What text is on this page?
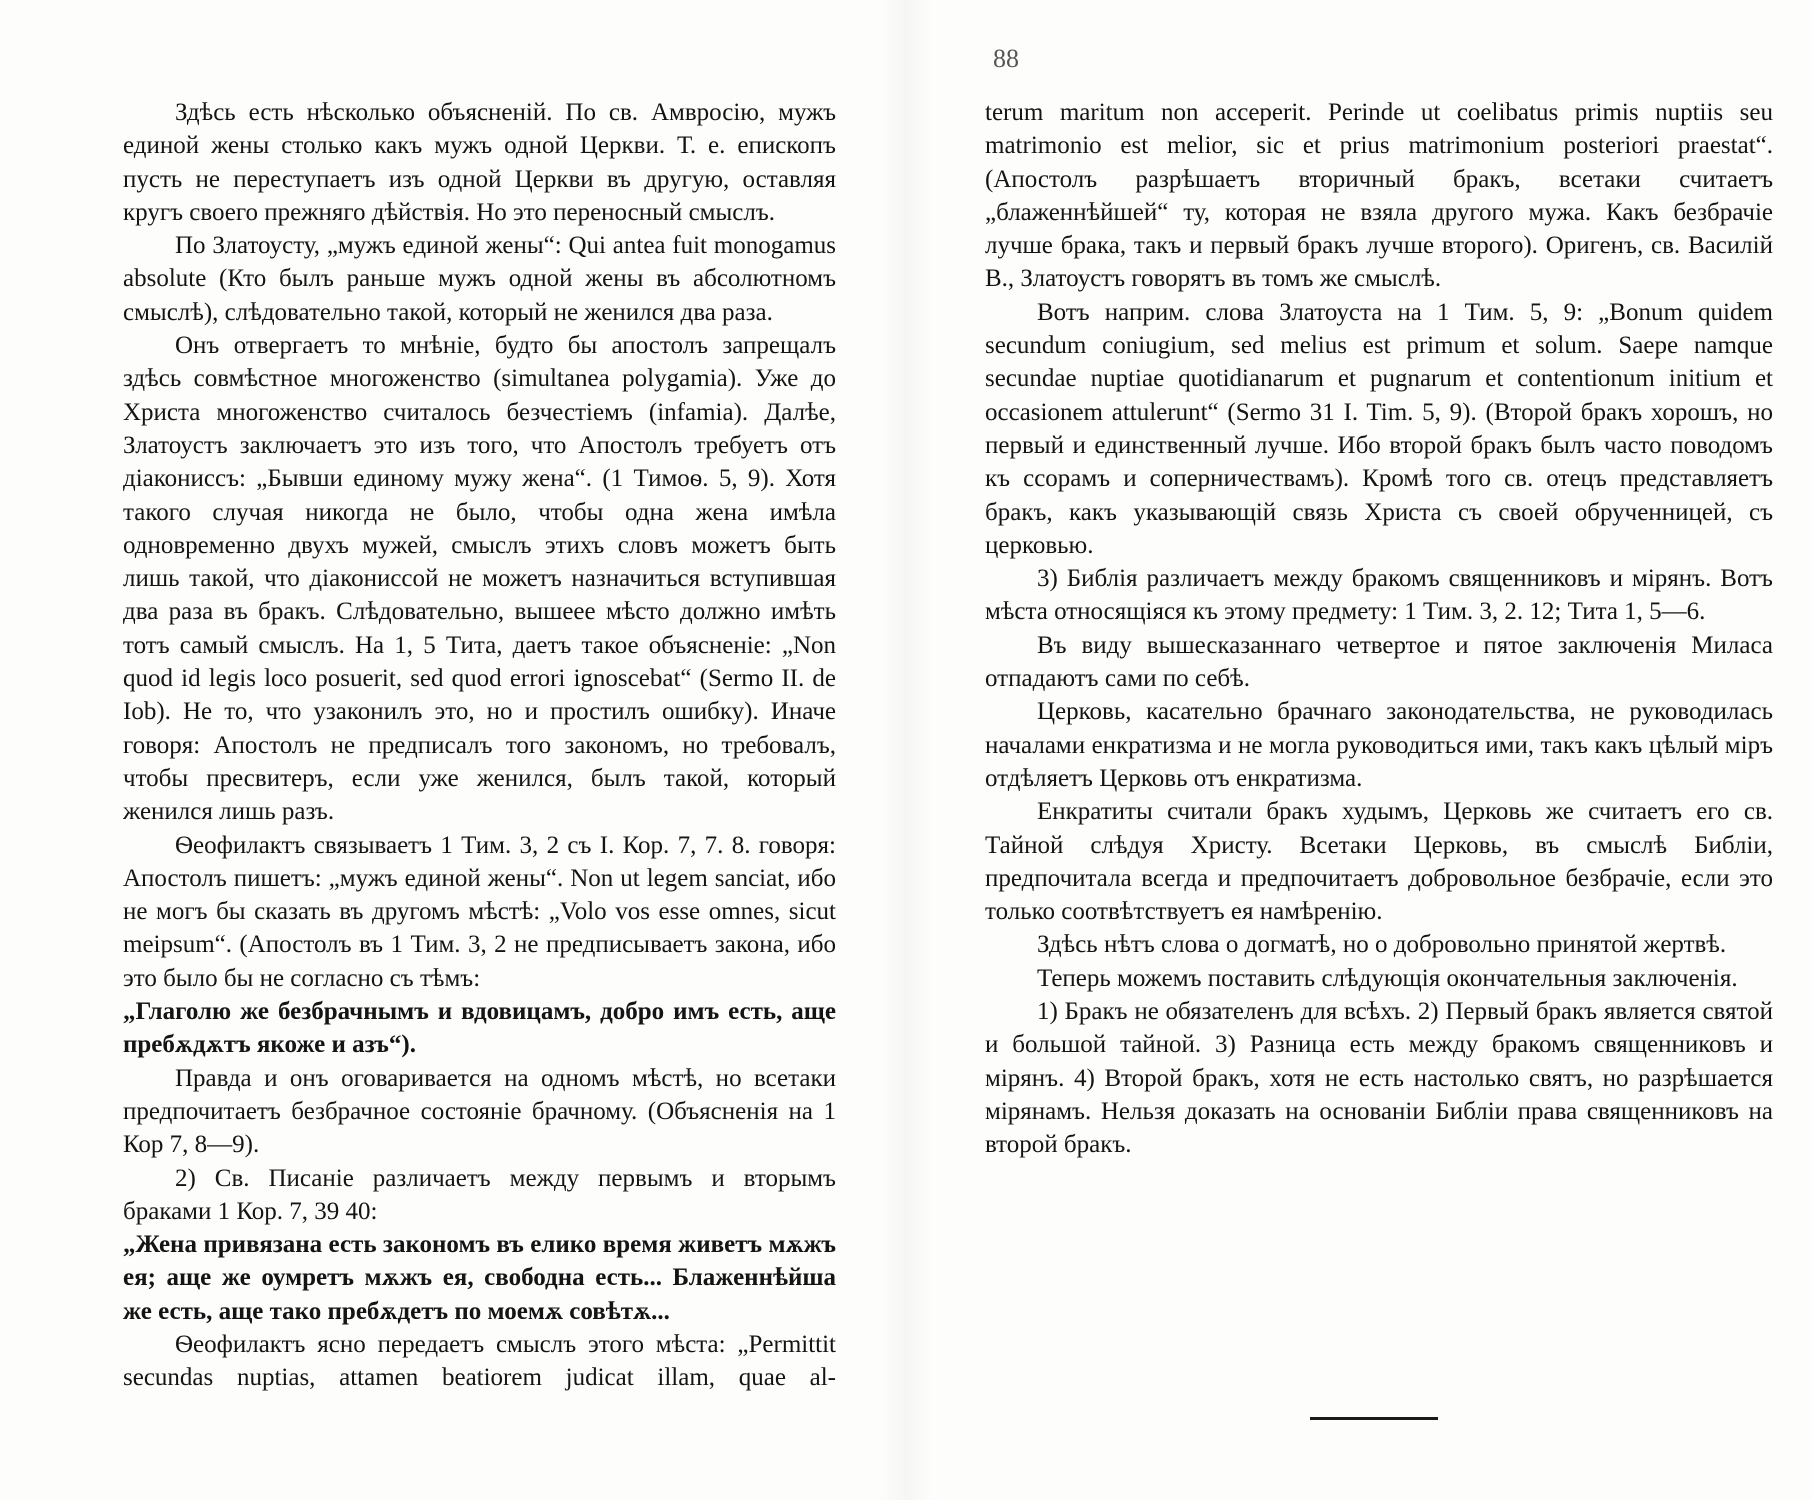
88

Здѣсь есть нѣсколько объясненій. По св. Амвросію, мужъ единой жены столько какъ мужъ одной Церкви. Т. е. епископъ пусть не переступаетъ изъ одной Церкви въ другую, оставляя кругъ своего прежняго дѣйствія. Но это переносный смыслъ.

По Златоусту, „мужъ единой жены“: Qui antea fuit monogamus absolute (Кто былъ раньше мужъ одной жены въ абсолютномъ смыслѣ), слѣдовательно такой, который не женился два раза.

Онъ отвергаетъ то мнѣніе, будто бы апостолъ запрещалъ здѣсь совмѣстное многоженство (simultanea polygamia). Уже до Христа многоженство считалось безчестіемъ (infamia). Далѣе, Златоустъ заключаетъ это изъ того, что Апостолъ требуетъ отъ діаконисcъ: „Бывши единому мужу жена“. (1 Тимоѳ. 5, 9). Хотя такого случая никогда не было, чтобы одна жена имѣла одновременно двухъ мужей, смыслъ этихъ словъ можетъ быть лишь такой, что діакониссой не можетъ назначиться вступившая два раза въ бракъ. Слѣдовательно, вышеее мѣсто должно имѣть тотъ самый смыслъ. На 1, 5 Тита, даетъ такое объясненіе: „Non quod id legis loco posuerit, sed quod errori ignoscebat“ (Sermo II. de Iob). Не то, что узаконилъ это, но и простилъ ошибку). Иначе говоря: Апостолъ не предписалъ того закономъ, но требовалъ, чтобы пресвитеръ, если уже женился, былъ такой, который женился лишь разъ.

Ѳеофилактъ связываетъ 1 Тим. 3, 2 съ I. Кор. 7, 7. 8. говоря: Апостолъ пишетъ: „мужъ единой жены“. Non ut legem sanciat, ибо не могъ бы сказать въ другомъ мѣстѣ: „Volo vos esse omnes, sicut meipsum“. (Апостолъ въ 1 Тим. 3, 2 не предписываетъ закона, ибо это было бы не согласно съ тѣмъ:

„Глаголю же безбрачнымъ и вдовицамъ, добро имъ есть, аще пребѫдѫтъ якоже и азъ“).

Правда и онъ оговаривается на одномъ мѣстѣ, но всетаки предпочитаетъ безбрачное состояніе брачному. (Объясненія на 1 Кор 7, 8—9).

2) Св. Писаніе различаетъ между первымъ и вторымъ браками 1 Кор. 7, 39 40:

„Жена привязана есть закономъ въ елико время живетъ мѫжъ ея; аще же оумретъ мѫжъ ея, свободна есть... Блаженнѣйша же есть, аще тако пребѫдетъ по моемѫ совѣтѫ...

Ѳеофилактъ ясно передаетъ смыслъ этого мѣста: „Permittit secundas nuptias, attamen beatiorem judicat illam, quae al-

terum maritum non acceperit. Perinde ut coelibatus primis nuptiis seu matrimonio est melior, sic et prius matrimonium posteriori praestat“. (Апостолъ разрѣшаетъ вторичный бракъ, всетаки считаетъ „блаженнѣйшей“ ту, которая не взяла другого мужа. Какъ безбрачіе лучше брака, такъ и первый бракъ лучше второго). Оригенъ, св. Василій В., Златоустъ говорятъ въ томъ же смыслѣ.

Вотъ наприм. слова Златоуста на 1 Тим. 5, 9: „Bonum quidem secundum coniugium, sed melius est primum et solum. Saepe namque secundae nuptiae quotidianarum et pugnarum et contentionum initium et occasionem attulerunt“ (Sermo 31 I. Tim. 5, 9). (Второй бракъ хорошъ, но первый и единственный лучше. Ибо второй бракъ былъ часто поводомъ къ ссорамъ и соперничествамъ). Кромѣ того св. отецъ представляетъ бракъ, какъ указывающій связь Христа съ своей обрученницей, съ церковью.

3) Библія различаетъ между бракомъ священниковъ и мірянъ. Вотъ мѣста относящіяся къ этому предмету: 1 Тим. 3, 2. 12; Тита 1, 5—6.

Въ виду вышесказаннаго четвертое и пятое заключенія Миласа отпадаютъ сами по себѣ.

Церковь, касательно брачнаго законодательства, не руководилась началами енкратизма и не могла руководиться ими, такъ какъ цѣлый міръ отдѣляетъ Церковь отъ енкратизма.

Енкратиты считали бракъ худымъ, Церковь же считаетъ его св. Тайной слѣдуя Христу. Всетаки Церковь, въ смыслѣ Библіи, предпочитала всегда и предпочитаетъ добровольное безбрачіе, если это только соотвѣтствуетъ ея намѣренію.

Здѣсь нѣтъ слова о догматѣ, но о добровольно принятой жертвѣ.

Теперь можемъ поставить слѣдующія окончательныя заключенія.

1) Бракъ не обязателенъ для всѣхъ. 2) Первый бракъ является святой и большой тайной. 3) Разница есть между бракомъ священниковъ и мірянъ. 4) Второй бракъ, хотя не есть настолько святъ, но разрѣшается мірянамъ. Нельзя доказать на основаніи Библіи права священниковъ на второй бракъ.
